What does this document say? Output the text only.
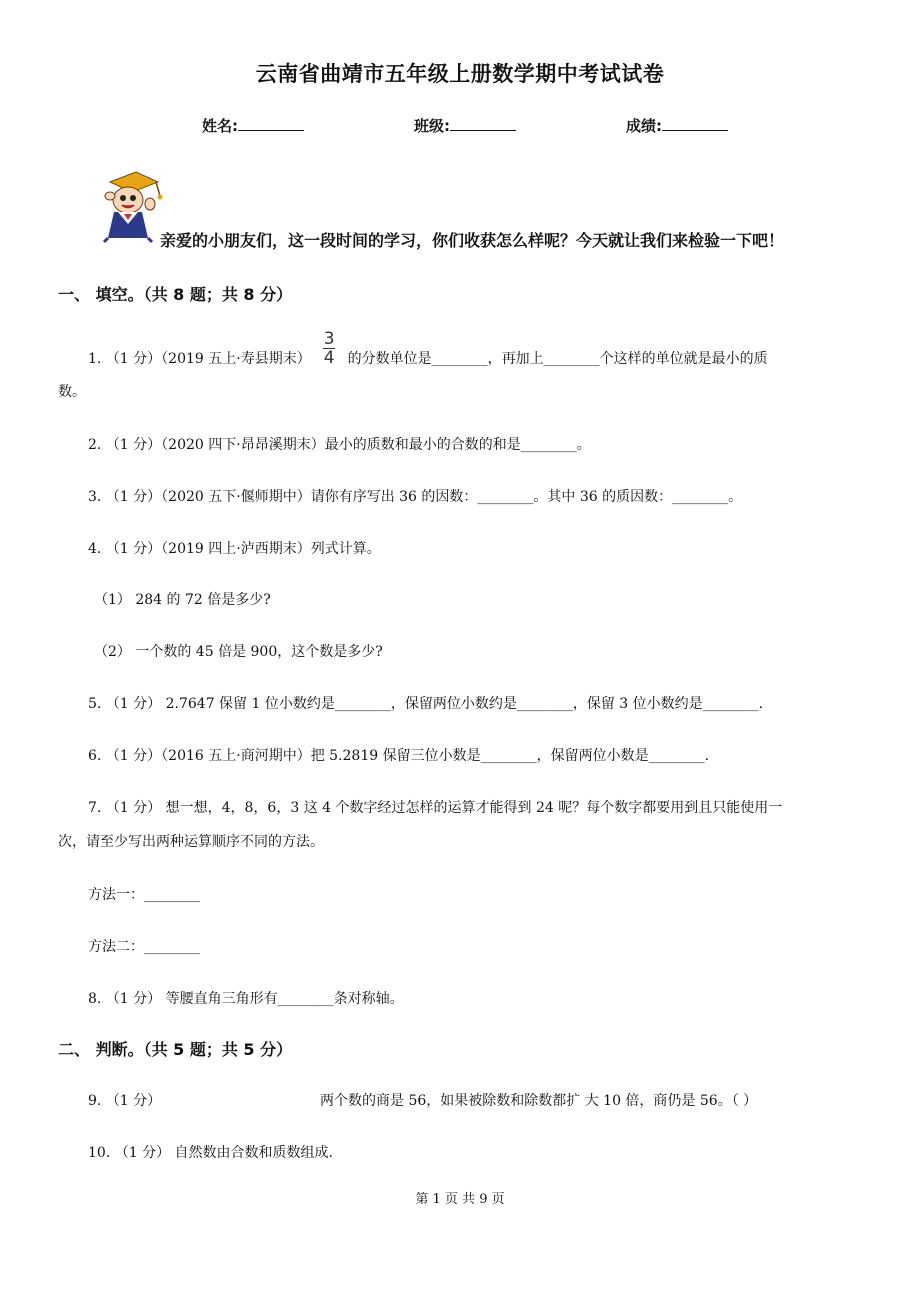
云南省曲靖市五年级上册数学期中考试试卷
姓名:	班级:	成绩:
亲爱的小朋友们，这一段时间的学习，你们收获怎么样呢？今天就让我们来检验一下吧！
一、 填空。（共 8 题；共 8 分）
1. （1 分）（2019 五上·寿县期末） $\frac{3}{4}$ 的分数单位是________，再加上________个这样的单位就是最小的质
数。
2. （1 分）（2020 四下·昂昂溪期末）最小的质数和最小的合数的和是________。
3. （1 分）（2020 五下·偃师期中）请你有序写出 36 的因数：________。其中 36 的质因数：________。
4. （1 分）（2019 四上·泸西期末）列式计算。
（1） 284 的 72 倍是多少?
（2） 一个数的 45 倍是 900，这个数是多少?
5. （1 分） 2.7647 保留 1 位小数约是________，保留两位小数约是________，保留 3 位小数约是________.
6. （1 分）（2016 五上·商河期中）把 5.2819 保留三位小数是________，保留两位小数是________.
7. （1 分） 想一想，4，8，6，3 这 4 个数字经过怎样的运算才能得到 24 呢？每个数字都要用到且只能使用一
次，请至少写出两种运算顺序不同的方法。
方法一：________
方法二：________
8. （1 分） 等腰直角三角形有________条对称轴。
二、 判断。（共 5 题；共 5 分）
9. （1 分）	两个数的商是 56，如果被除数和除数都扩 大 10 倍，商仍是 56。（ ）
10. （1 分） 自然数由合数和质数组成.
第 1 页 共 9 页
